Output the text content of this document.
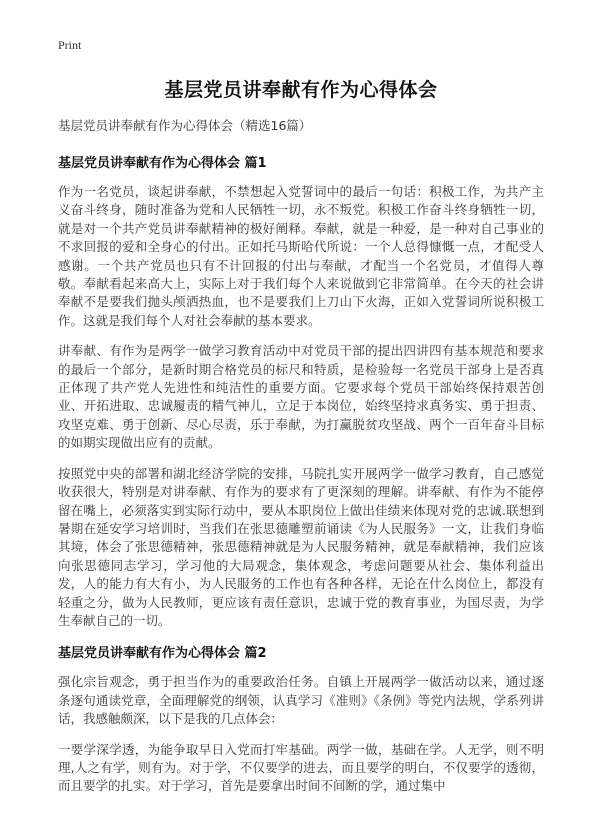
Print
基层党员讲奉献有作为心得体会

基层党员讲奉献有作为心得体会（精选16篇）

基层党员讲奉献有作为心得体会 篇1

作为一名党员，谈起讲奉献，不禁想起入党誓词中的最后一句话：积极工作，为共产主义奋斗终身，随时准备为党和人民牺牲一切，永不叛党。积极工作奋斗终身牺牲一切，就是对一个共产党员讲奉献精神的极好阐释。奉献，就是一种爱，是一种对自己事业的不求回报的爱和全身心的付出。正如托马斯哈代所说：一个人总得慷慨一点，才配受人感谢。一个共产党员也只有不计回报的付出与奉献，才配当一个名党员，才值得人尊敬。奉献看起来高大上，实际上对于我们每个人来说做到它非常简单。在今天的社会讲奉献不是要我们抛头颅洒热血，也不是要我们上刀山下火海，正如入党誓词所说积极工作。这就是我们每个人对社会奉献的基本要求。

讲奉献、有作为是两学一做学习教育活动中对党员干部的提出四讲四有基本规范和要求的最后一个部分，是新时期合格党员的标尺和特质，是检验每一名党员干部身上是否真正体现了共产党人先进性和纯洁性的重要方面。它要求每个党员干部始终保持艰苦创业、开拓进取、忠诚履责的精气神儿，立足于本岗位，始终坚持求真务实、勇于担责、攻坚克难、勇于创新、尽心尽责，乐于奉献，为打赢脱贫攻坚战、两个一百年奋斗目标的如期实现做出应有的贡献。

按照党中央的部署和湖北经济学院的安排，马院扎实开展两学一做学习教育，自己感觉收获很大，特别是对讲奉献、有作为的要求有了更深刻的理解。讲奉献、有作为不能停留在嘴上，必须落实到实际行动中，要从本职岗位上做出佳绩来体现对党的忠诚.联想到暑期在延安学习培训时，当我们在张思德雕塑前诵读《为人民服务》一文，让我们身临其境，体会了张思德精神，张思德精神就是为人民服务精神，就是奉献精神，我们应该向张思德同志学习，学习他的大局观念，集体观念，考虑问题要从社会、集体利益出发，人的能力有大有小，为人民服务的工作也有各种各样，无论在什么岗位上，都没有轻重之分，做为人民教师，更应该有责任意识，忠诚于党的教育事业，为国尽责，为学生奉献自己的一切。

基层党员讲奉献有作为心得体会 篇2

强化宗旨观念，勇于担当作为的重要政治任务。自镇上开展两学一做活动以来，通过逐条逐句通读党章，全面理解党的纲领，认真学习《准则》《条例》等党内法规，学系列讲话，我感触颇深，以下是我的几点体会：

一要学深学透，为能争取早日入党而打牢基础。两学一做，基础在学。人无学，则不明理,人之有学，则有为。对于学，不仅要学的进去，而且要学的明白，不仅要学的透彻，而且要学的扎实。对于学习，首先是要拿出时间不间断的学，通过集中
